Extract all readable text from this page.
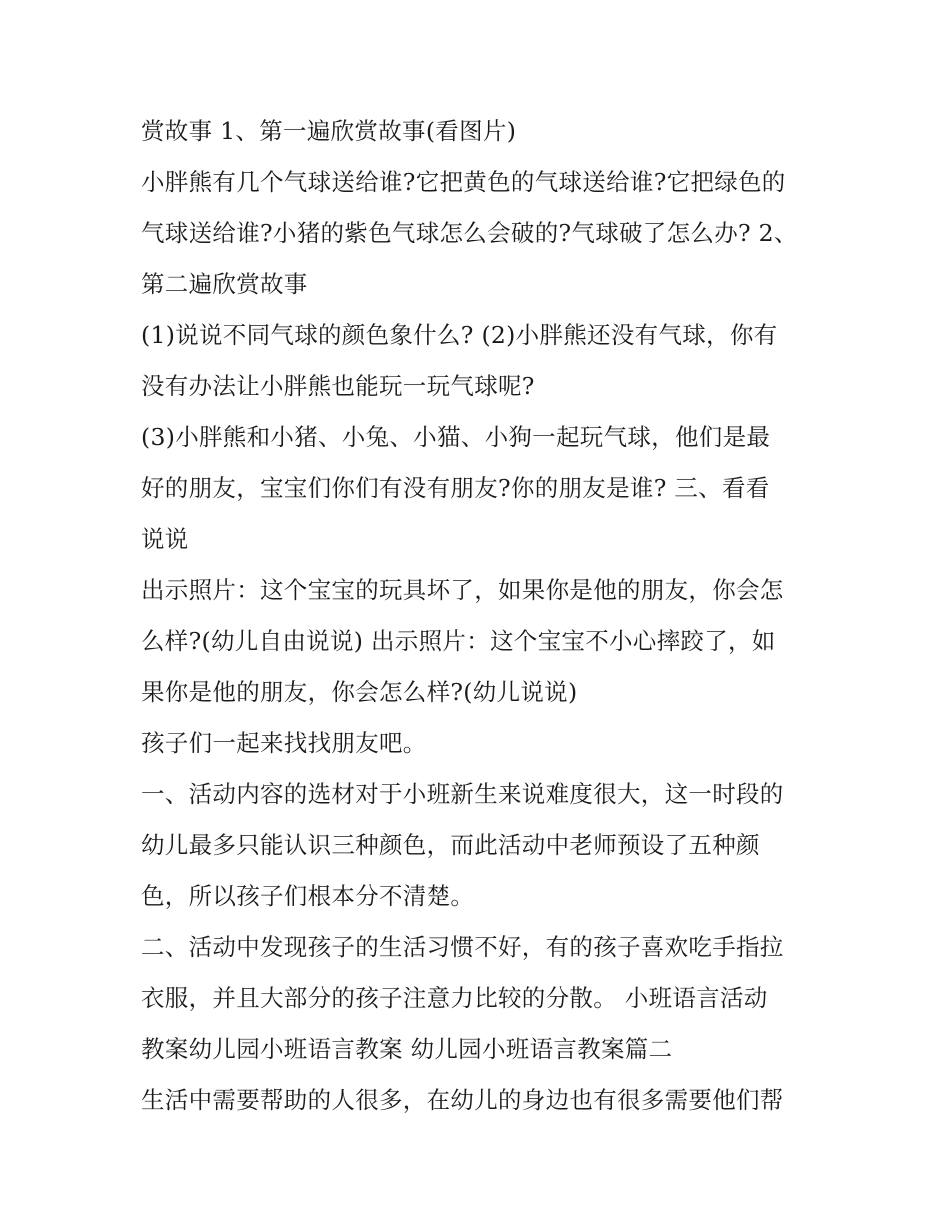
赏故事 1、第一遍欣赏故事(看图片)
小胖熊有几个气球送给谁?它把黄色的气球送给谁?它把绿色的
气球送给谁?小猪的紫色气球怎么会破的?气球破了怎么办? 2、
第二遍欣赏故事
(1)说说不同气球的颜色象什么? (2)小胖熊还没有气球，你有
没有办法让小胖熊也能玩一玩气球呢?
(3)小胖熊和小猪、小兔、小猫、小狗一起玩气球，他们是最
好的朋友，宝宝们你们有没有朋友?你的朋友是谁? 三、看看
说说
出示照片：这个宝宝的玩具坏了，如果你是他的朋友，你会怎
么样?(幼儿自由说说) 出示照片：这个宝宝不小心摔跤了，如
果你是他的朋友，你会怎么样?(幼儿说说)
孩子们一起来找找朋友吧。
一、活动内容的选材对于小班新生来说难度很大，这一时段的
幼儿最多只能认识三种颜色，而此活动中老师预设了五种颜
色，所以孩子们根本分不清楚。
二、活动中发现孩子的生活习惯不好，有的孩子喜欢吃手指拉
衣服，并且大部分的孩子注意力比较的分散。 小班语言活动
教案幼儿园小班语言教案 幼儿园小班语言教案篇二
生活中需要帮助的人很多，在幼儿的身边也有很多需要他们帮
